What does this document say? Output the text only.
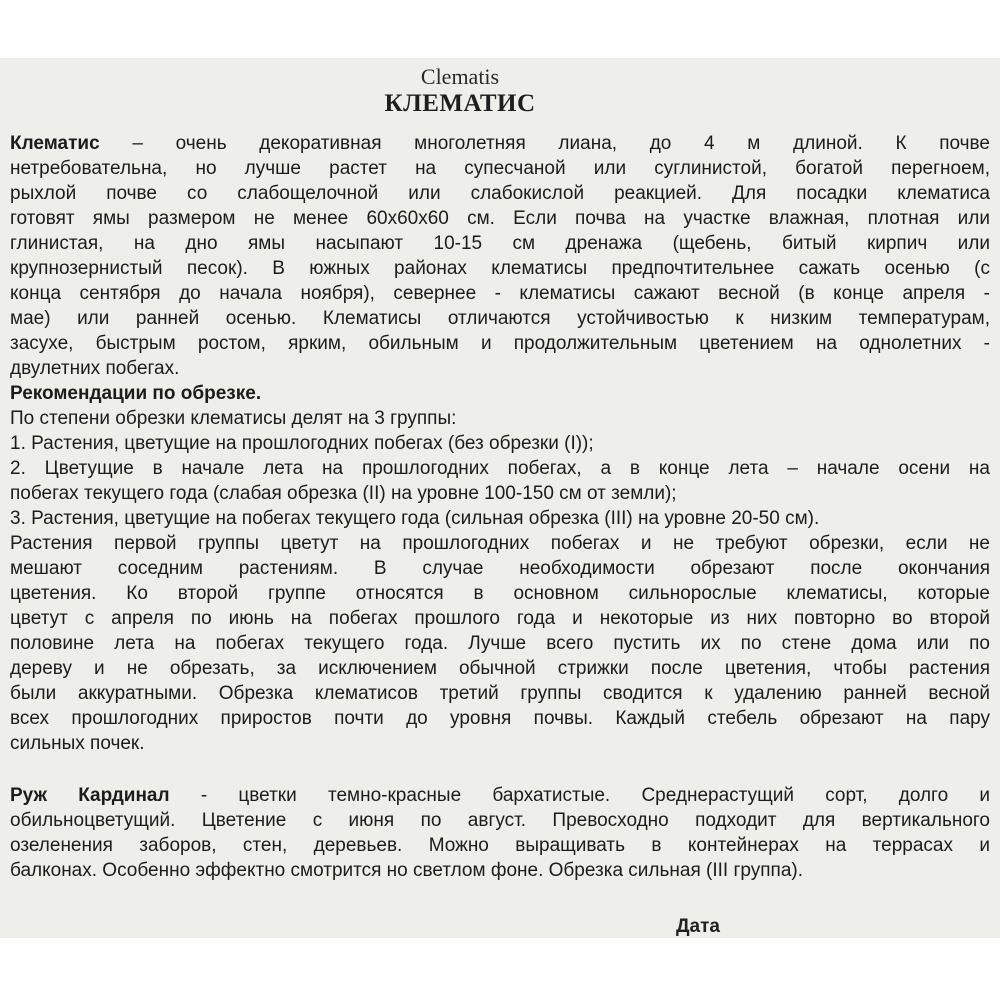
Clematis
КЛЕМАТИС
Клематис – очень декоративная многолетняя лиана, до 4 м длиной. К почве
нетребовательна, но лучше растет на супесчаной или суглинистой, богатой перегноем,
рыхлой почве со слабощелочной или слабокислой реакцией. Для посадки клематиса
готовят ямы размером не менее 60х60х60 см. Если почва на участке влажная, плотная или
глинистая, на дно ямы насыпают 10-15 см дренажа (щебень, битый кирпич или
крупнозернистый песок). В южных районах клематисы предпочтительнее сажать осенью (с
конца сентября до начала ноября), севернее - клематисы сажают весной (в конце апреля -
мае) или ранней осенью. Клематисы отличаются устойчивостью к низким температурам,
засухе, быстрым ростом, ярким, обильным и продолжительным цветением на однолетних -
двулетних побегах.
Рекомендации по обрезке.
По степени обрезки клематисы делят на 3 группы:
1. Растения, цветущие на прошлогодних побегах (без обрезки (I));
2. Цветущие в начале лета на прошлогодних побегах, а в конце лета – начале осени на
побегах текущего года (слабая обрезка (II) на уровне 100-150 см от земли);
3. Растения, цветущие на побегах текущего года (сильная обрезка (III) на уровне 20-50 см).
Растения первой группы цветут на прошлогодних побегах и не требуют обрезки, если не
мешают соседним растениям. В случае необходимости обрезают после окончания
цветения. Ко второй группе относятся в основном сильнорослые клематисы, которые
цветут с апреля по июнь на побегах прошлого года и некоторые из них повторно во второй
половине лета на побегах текущего года. Лучше всего пустить их по стене дома или по
дереву и не обрезать, за исключением обычной стрижки после цветения, чтобы растения
были аккуратными. Обрезка клематисов третий группы сводится к удалению ранней весной
всех прошлогодних приростов почти до уровня почвы. Каждый стебель обрезают на пару
сильных почек.
Руж Кардинал - цветки темно-красные бархатистые. Среднерастущий сорт, долго и
обильноцветущий. Цветение с июня по август. Превосходно подходит для вертикального
озеленения заборов, стен, деревьев. Можно выращивать в контейнерах на террасах и
балконах. Особенно эффектно смотрится но светлом фоне. Обрезка сильная (III группа).
Дата
